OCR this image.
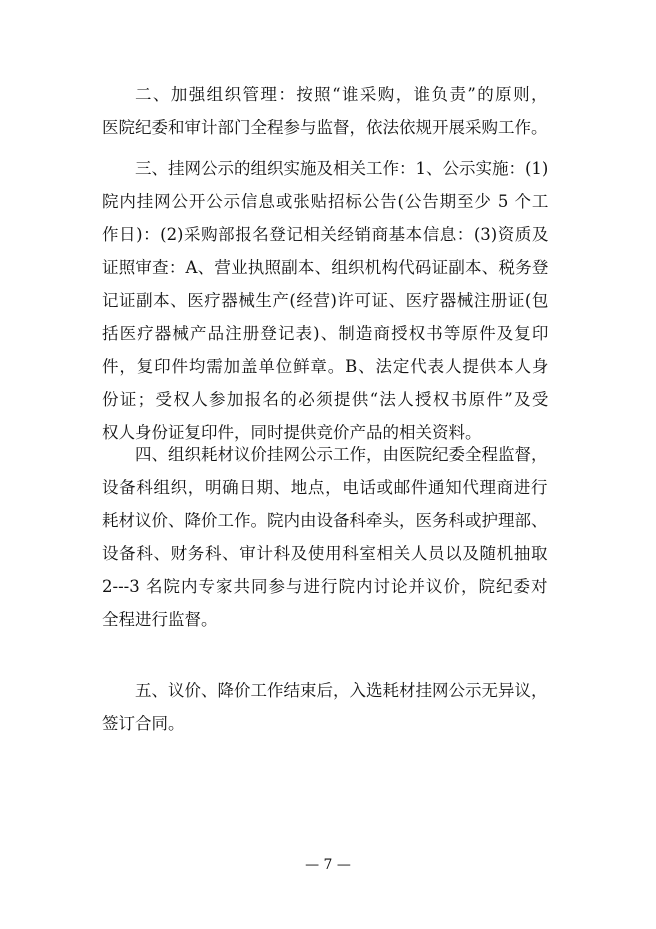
二、加强组织管理：按照“谁采购，谁负责”的原则，
医院纪委和审计部门全程参与监督，依法依规开展采购工作。
三、挂网公示的组织实施及相关工作：1、公示实施：(1)
院内挂网公开公示信息或张贴招标公告(公告期至少 5 个工
作日)：(2)采购部报名登记相关经销商基本信息：(3)资质及
证照审查：A、营业执照副本、组织机构代码证副本、税务登
记证副本、医疗器械生产(经营)许可证、医疗器械注册证(包
括医疗器械产品注册登记表)、制造商授权书等原件及复印
件，复印件均需加盖单位鲜章。B、法定代表人提供本人身
份证；受权人参加报名的必须提供“法人授权书原件”及受
权人身份证复印件，同时提供竞价产品的相关资料。
四、组织耗材议价挂网公示工作，由医院纪委全程监督，
设备科组织，明确日期、地点，电话或邮件通知代理商进行
耗材议价、降价工作。院内由设备科牵头，医务科或护理部、
设备科、财务科、审计科及使用科室相关人员以及随机抽取
2---3 名院内专家共同参与进行院内讨论并议价，院纪委对
全程进行监督。
五、议价、降价工作结束后，入选耗材挂网公示无异议，
签订合同。
— 7 —
